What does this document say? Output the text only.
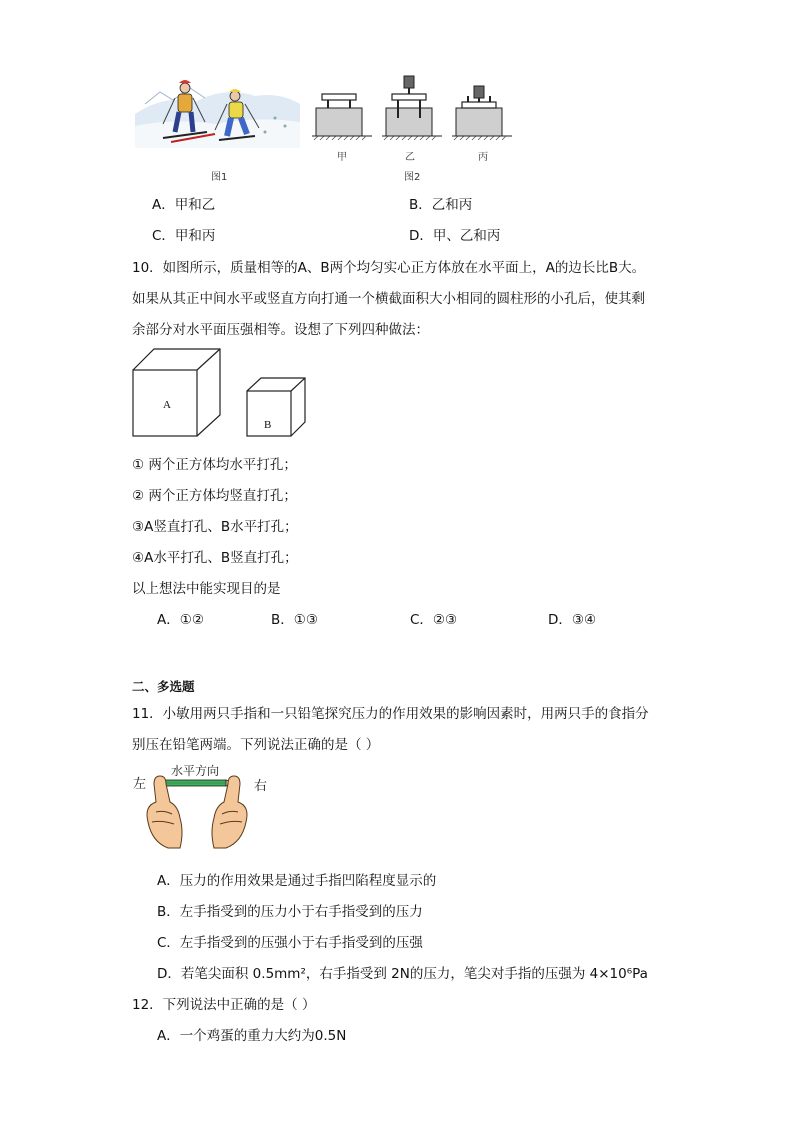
图1
甲	乙	丙
图2
A．甲和乙	B．乙和丙
C．甲和丙	D．甲、乙和丙
10．如图所示，质量相等的A、B两个均匀实心正方体放在水平面上，A的边长比B大。
如果从其正中间水平或竖直方向打通一个横截面积大小相同的圆柱形的小孔后，使其剩
余部分对水平面压强相等。设想了下列四种做法：
A
B
① 两个正方体均水平打孔；
② 两个正方体均竖直打孔；
③A竖直打孔、B水平打孔；
④A水平打孔、B竖直打孔；
以上想法中能实现目的是
A．①②	B．①③	C．②③	D．③④
二、多选题
11．小敏用两只手指和一只铅笔探究压力的作用效果的影响因素时，用两只手的食指分
别压在铅笔两端。下列说法正确的是（ ）
左
水平方向
右
A．压力的作用效果是通过手指凹陷程度显示的
B．左手指受到的压力小于右手指受到的压力
C．左手指受到的压强小于右手指受到的压强
D．若笔尖面积 0.5mm²，右手指受到 2N的压力，笔尖对手指的压强为 4×10⁶Pa
12．下列说法中正确的是（ ）
A．一个鸡蛋的重力大约为0.5N
